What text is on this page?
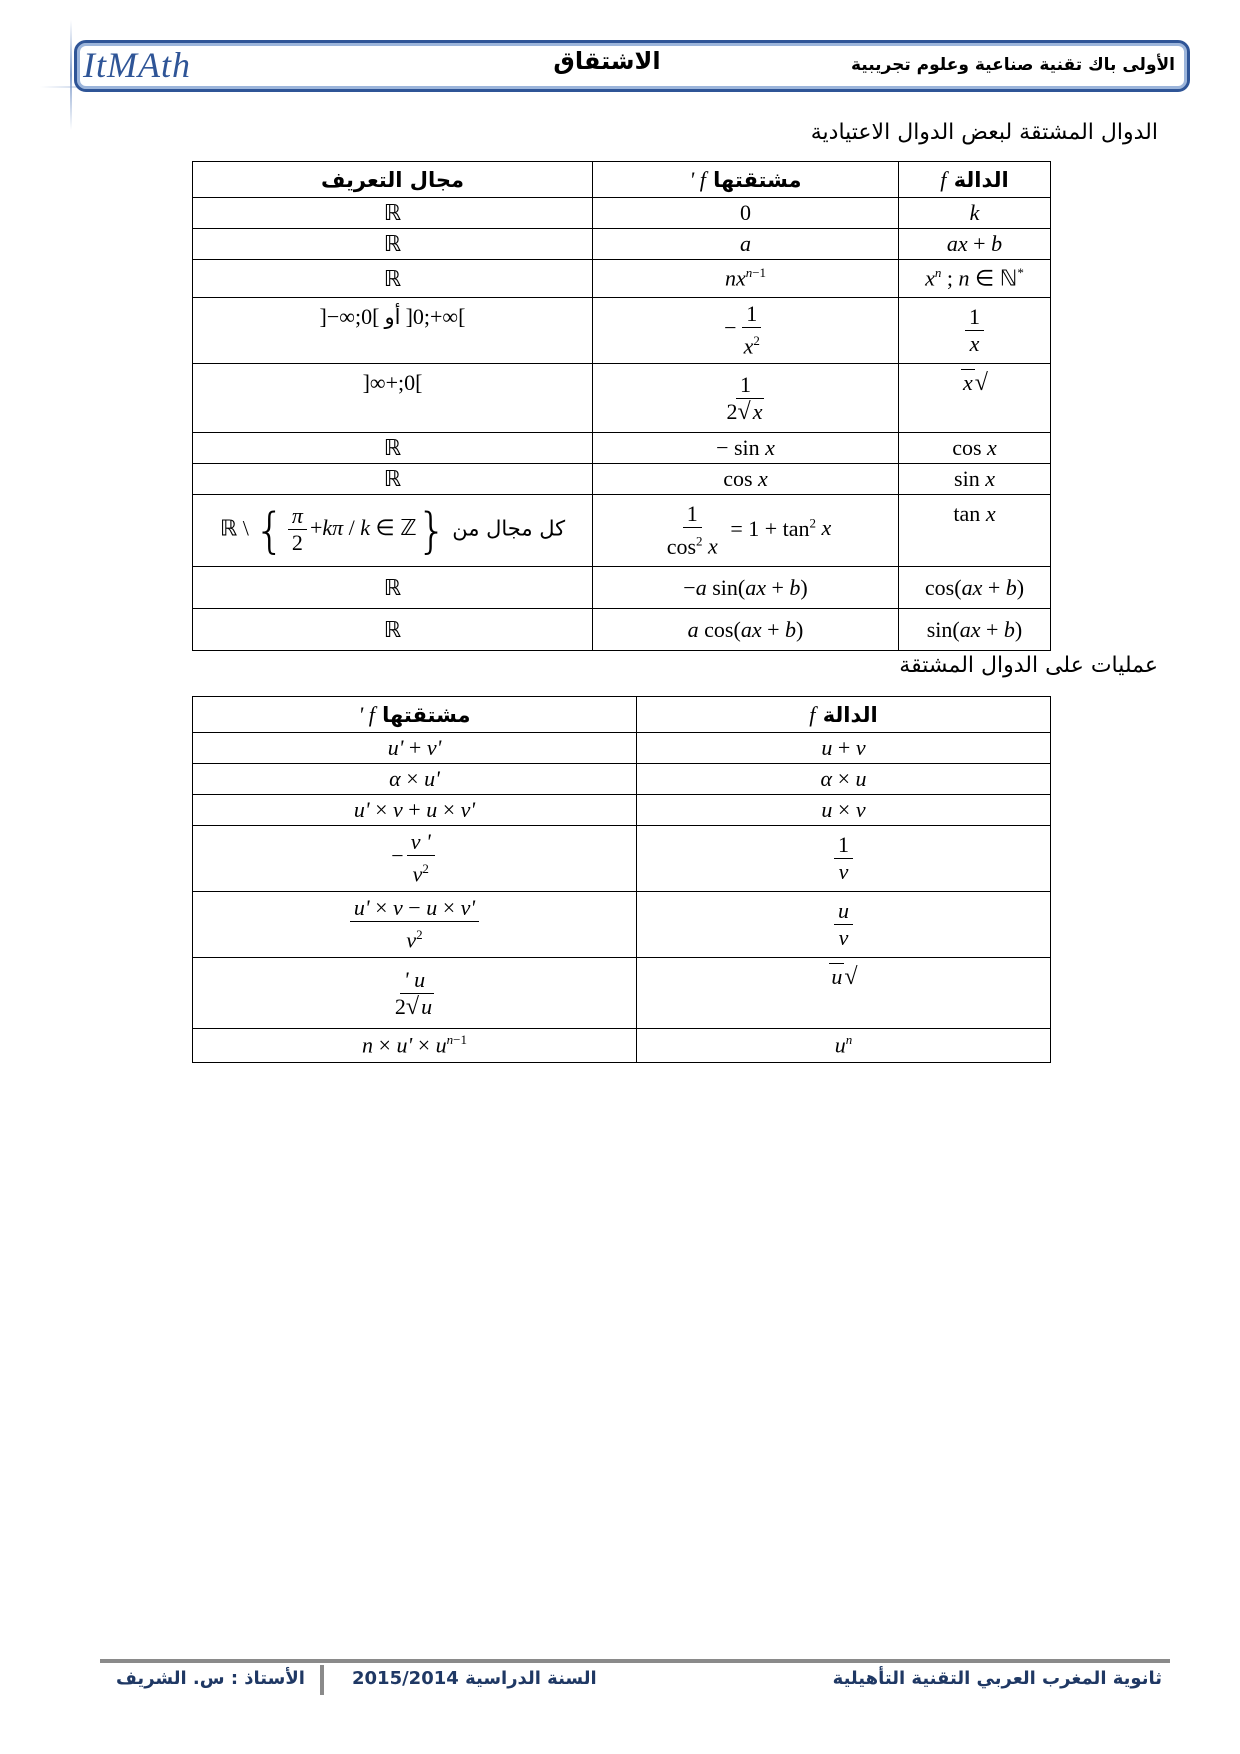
ItMAth	الاشتقاق	الأولى باك تقنية صناعية وعلوم تجريبية
الدوال المشتقة لبعض الدوال الاعتيادية
الدالة f	مشتقتها f '	مجال التعريف
k	0	ℝ
ax + b	a	ℝ
$x^n$ ; n ∈ ℕ*	$nx^{n-1}$	ℝ

$\frac{1}{x}$	− $\frac{1}{x^2}$	]−∞;0[ أو ]0;+∞[
√x	$\frac{1}{2√x}$	]0;+∞[
cos x	− sin x	ℝ
sin x	cos x	ℝ
tan x	$\frac{1}{\cos^2 x} = 1 + \tan^2 x$	ℝ \ { $\frac{\pi}{2} +k\pi / k$ ∈ ℤ} كل مجال من
cos(ax + b)	−a sin(ax + b)	ℝ
sin(ax + b)	a cos(ax + b)	ℝ
عمليات على الدوال المشتقة
الدالة f	مشتقتها f '
u + v	u' + v'
α × u	α × u'
u × v	u' × v + u × v'

$\frac{1}{v}$	− $\frac{v '}{v^2}$

$\frac{u}{v}$	$\frac{u' \times v - u \times v'}{v^2}$

√u	$\frac{u '}{2√u}$

$u^n$	$n \times u' \times u^{n-1}$
ثانوية المغرب العربي التقنية التأهيلية
2015/2014 السنة الدراسية
الأستاذ : س. الشريف
